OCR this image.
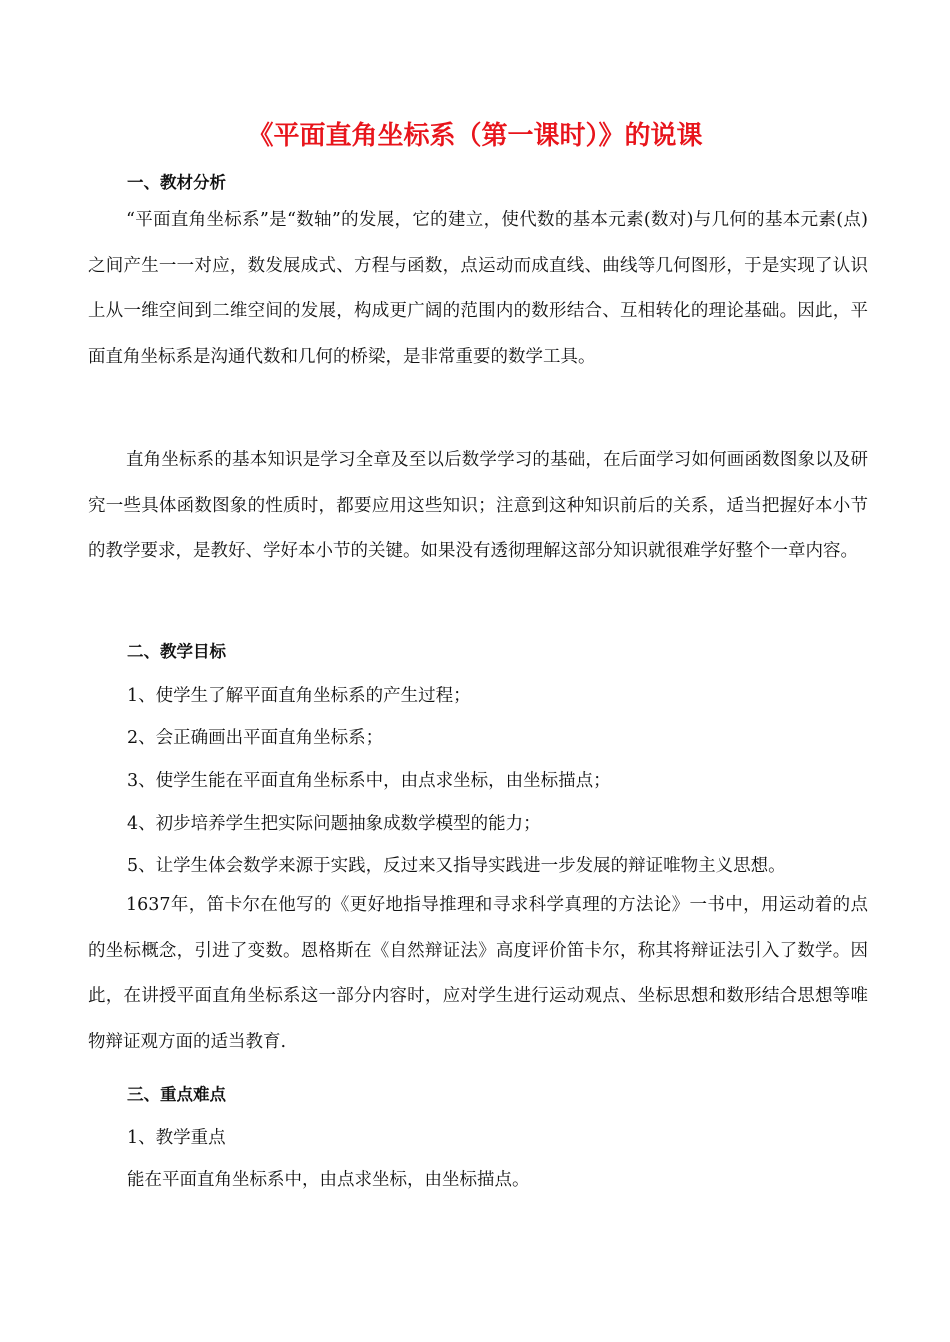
《平面直角坐标系（第一课时）》的说课
一、教材分析
“平面直角坐标系”是“数轴”的发展，它的建立，使代数的基本元素(数对)与几何的基本元素(点)之间产生一一对应，数发展成式、方程与函数，点运动而成直线、曲线等几何图形，于是实现了认识上从一维空间到二维空间的发展，构成更广阔的范围内的数形结合、互相转化的理论基础。因此，平面直角坐标系是沟通代数和几何的桥梁，是非常重要的数学工具。
直角坐标系的基本知识是学习全章及至以后数学学习的基础，在后面学习如何画函数图象以及研究一些具体函数图象的性质时，都要应用这些知识；注意到这种知识前后的关系，适当把握好本小节的教学要求，是教好、学好本小节的关键。如果没有透彻理解这部分知识就很难学好整个一章内容。
二、教学目标
1、使学生了解平面直角坐标系的产生过程；
2、会正确画出平面直角坐标系；
3、使学生能在平面直角坐标系中，由点求坐标，由坐标描点；
4、初步培养学生把实际问题抽象成数学模型的能力；
5、让学生体会数学来源于实践，反过来又指导实践进一步发展的辩证唯物主义思想。
1637年，笛卡尔在他写的《更好地指导推理和寻求科学真理的方法论》一书中，用运动着的点的坐标概念，引进了变数。恩格斯在《自然辩证法》高度评价笛卡尔，称其将辩证法引入了数学。因此，在讲授平面直角坐标系这一部分内容时，应对学生进行运动观点、坐标思想和数形结合思想等唯物辩证观方面的适当教育.
三、重点难点
1、教学重点
能在平面直角坐标系中，由点求坐标，由坐标描点。
